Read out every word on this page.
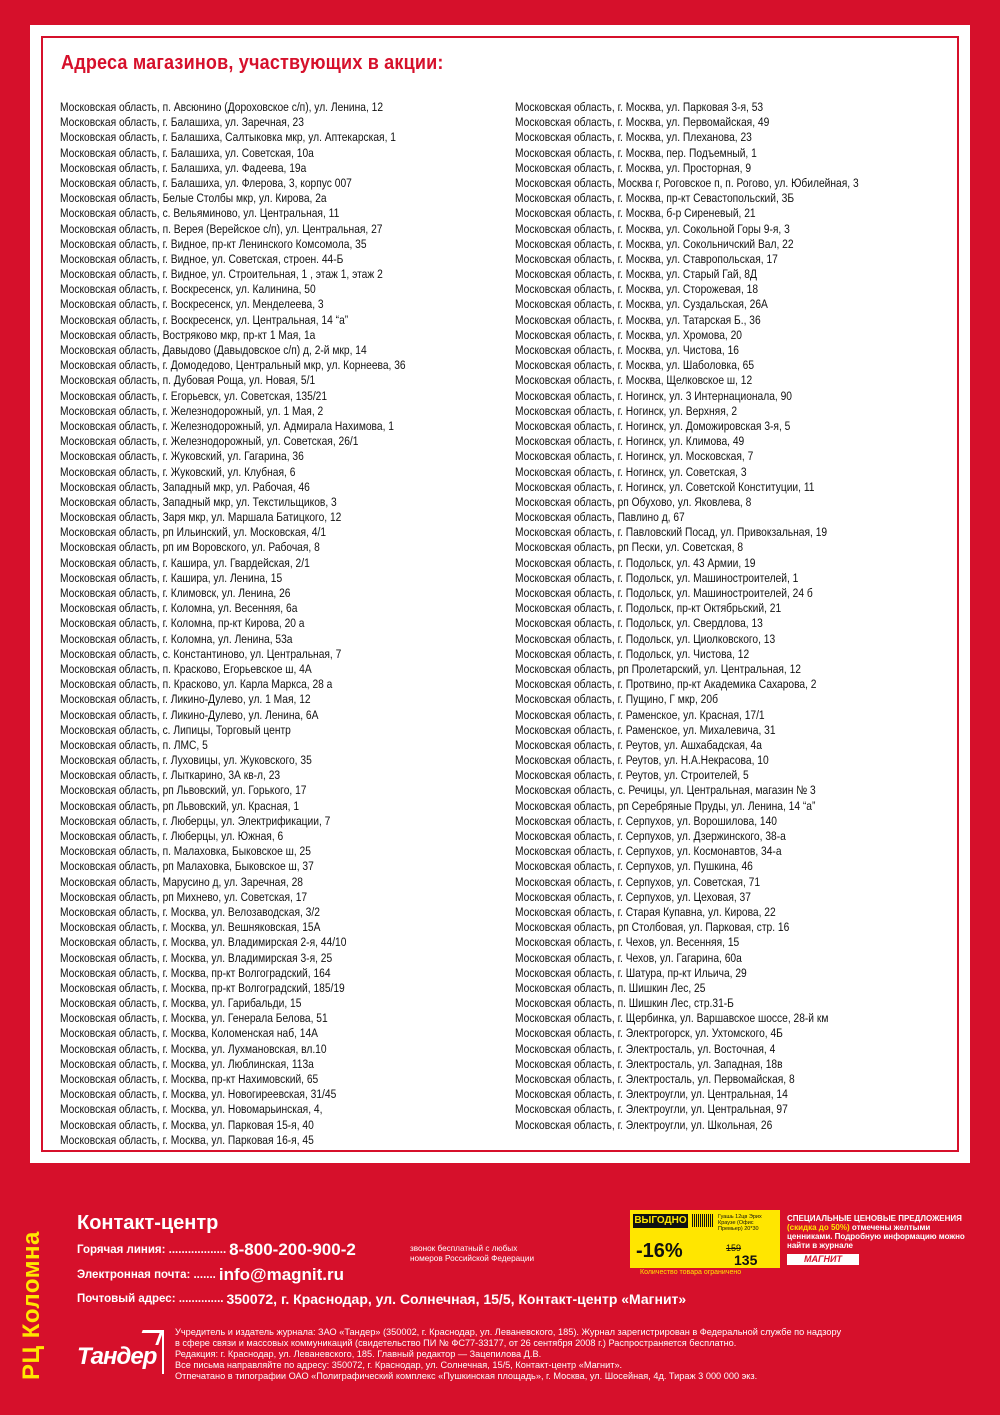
Адреса магазинов, участвующих в акции:
Московская область, п. Авсюнино (Дороховское с/п), ул. Ленина, 12
Московская область, г. Балашиха, ул. Заречная, 23
Московская область, г. Балашиха, Салтыковка мкр, ул. Аптекарская, 1
Московская область, г. Балашиха, ул. Советская, 10а
Московская область, г. Балашиха, ул. Фадеева, 19а
Московская область, г. Балашиха, ул. Флерова, 3, корпус 007
Московская область, Белые Столбы мкр, ул. Кирова, 2а
Московская область, с. Вельяминово, ул. Центральная, 11
Московская область, п. Верея (Верейское с/п), ул. Центральная, 27
Московская область, г. Видное, пр-кт Ленинского Комсомола, 35
Московская область, г. Видное, ул. Советская, строен. 44-Б
Московская область, г. Видное, ул. Строительная, 1 , этаж 1, этаж 2
Московская область, г. Воскресенск, ул. Калинина, 50
Московская область, г. Воскресенск, ул. Менделеева, 3
Московская область, г. Воскресенск, ул. Центральная, 14 “а”
Московская область, Востряково мкр, пр-кт 1 Мая, 1а
Московская область, Давыдово (Давыдовское с/п) д, 2-й мкр, 14
Московская область, г. Домодедово, Центральный мкр, ул. Корнеева, 36
Московская область, п. Дубовая Роща, ул. Новая, 5/1
Московская область, г. Егорьевск, ул. Советская, 135/21
Московская область, г. Железнодорожный, ул. 1 Мая, 2
Московская область, г. Железнодорожный, ул. Адмирала Нахимова, 1
Московская область, г. Железнодорожный, ул. Советская, 26/1
Московская область, г. Жуковский, ул. Гагарина, 36
Московская область, г. Жуковский, ул. Клубная, 6
Московская область, Западный мкр, ул. Рабочая, 46
Московская область, Западный мкр, ул. Текстильщиков, 3
Московская область, Заря мкр, ул. Маршала Батицкого, 12
Московская область, рп Ильинский, ул. Московская, 4/1
Московская область, рп им Воровского, ул. Рабочая, 8
Московская область, г. Кашира, ул. Гвардейская, 2/1
Московская область, г. Кашира, ул. Ленина, 15
Московская область, г. Климовск, ул. Ленина, 26
Московская область, г. Коломна, ул. Весенняя, 6а
Московская область, г. Коломна, пр-кт Кирова, 20 а
Московская область, г. Коломна, ул. Ленина, 53а
Московская область, с. Константиново, ул. Центральная, 7
Московская область, п. Красково, Егорьевское ш, 4А
Московская область, п. Красково, ул. Карла Маркса, 28 а
Московская область, г. Ликино-Дулево, ул. 1 Мая, 12
Московская область, г. Ликино-Дулево, ул. Ленина, 6А
Московская область, с. Липицы, Торговый центр
Московская область, п. ЛМС, 5
Московская область, г. Луховицы, ул. Жуковского, 35
Московская область, г. Лыткарино, 3А кв-л, 23
Московская область, рп Львовский, ул. Горького, 17
Московская область, рп Львовский, ул. Красная, 1
Московская область, г. Люберцы, ул. Электрификации, 7
Московская область, г. Люберцы, ул. Южная, 6
Московская область, п. Малаховка, Быковское ш, 25
Московская область, рп Малаховка, Быковское ш, 37
Московская область, Марусино д, ул. Заречная, 28
Московская область, рп Михнево, ул. Советская, 17
Московская область, г. Москва, ул. Велозаводская, 3/2
Московская область, г. Москва, ул. Вешняковская, 15А
Московская область, г. Москва, ул. Владимирская 2-я, 44/10
Московская область, г. Москва, ул. Владимирская 3-я, 25
Московская область, г. Москва, пр-кт Волгоградский, 164
Московская область, г. Москва, пр-кт Волгоградский, 185/19
Московская область, г. Москва, ул. Гарибальди, 15
Московская область, г. Москва, ул. Генерала Белова, 51
Московская область, г. Москва, Коломенская наб, 14А
Московская область, г. Москва, ул. Лухмановская, вл.10
Московская область, г. Москва, ул. Люблинская, 113а
Московская область, г. Москва, пр-кт Нахимовский, 65
Московская область, г. Москва, ул. Новогиреевская, 31/45
Московская область, г. Москва, ул. Новомарьинская, 4,
Московская область, г. Москва, ул. Парковая 15-я, 40
Московская область, г. Москва, ул. Парковая 16-я, 45
Московская область, г. Москва, ул. Парковая 3-я, 53
Московская область, г. Москва, ул. Первомайская, 49
Московская область, г. Москва, ул. Плеханова, 23
Московская область, г. Москва, пер. Подъемный, 1
Московская область, г. Москва, ул. Просторная, 9
Московская область, Москва г, Роговское п, п. Рогово, ул. Юбилейная, 3
Московская область, г. Москва, пр-кт Севастопольский, 3Б
Московская область, г. Москва, б-р Сиреневый, 21
Московская область, г. Москва, ул. Сокольной Горы 9-я, 3
Московская область, г. Москва, ул. Сокольничский Вал, 22
Московская область, г. Москва, ул. Ставропольская, 17
Московская область, г. Москва, ул. Старый Гай, 8Д
Московская область, г. Москва, ул. Сторожевая, 18
Московская область, г. Москва, ул. Суздальская, 26А
Московская область, г. Москва, ул. Татарская Б., 36
Московская область, г. Москва, ул. Хромова, 20
Московская область, г. Москва, ул. Чистова, 16
Московская область, г. Москва, ул. Шаболовка, 65
Московская область, г. Москва, Щелковское ш, 12
Московская область, г. Ногинск, ул. 3 Интернационала, 90
Московская область, г. Ногинск, ул. Верхняя, 2
Московская область, г. Ногинск, ул. Доможировская 3-я, 5
Московская область, г. Ногинск, ул. Климова, 49
Московская область, г. Ногинск, ул. Московская, 7
Московская область, г. Ногинск, ул. Советская, 3
Московская область, г. Ногинск, ул. Советской Конституции, 11
Московская область, рп Обухово, ул. Яковлева, 8
Московская область, Павлино д, 67
Московская область, г. Павловский Посад, ул. Привокзальная, 19
Московская область, рп Пески, ул. Советская, 8
Московская область, г. Подольск, ул. 43 Армии, 19
Московская область, г. Подольск, ул. Машиностроителей, 1
Московская область, г. Подольск, ул. Машиностроителей, 24 б
Московская область, г. Подольск, пр-кт Октябрьский, 21
Московская область, г. Подольск, ул. Свердлова, 13
Московская область, г. Подольск, ул. Циолковского, 13
Московская область, г. Подольск, ул. Чистова, 12
Московская область, рп Пролетарский, ул. Центральная, 12
Московская область, г. Протвино, пр-кт Академика Сахарова, 2
Московская область, г. Пущино, Г мкр, 20б
Московская область, г. Раменское, ул. Красная, 17/1
Московская область, г. Раменское, ул. Михалевича, 31
Московская область, г. Реутов, ул. Ашхабадская, 4а
Московская область, г. Реутов, ул. Н.А.Некрасова, 10
Московская область, г. Реутов, ул. Строителей, 5
Московская область, с. Речицы, ул. Центральная, магазин № 3
Московская область, рп Серебряные Пруды, ул. Ленина, 14 “а”
Московская область, г. Серпухов, ул. Ворошилова, 140
Московская область, г. Серпухов, ул. Дзержинского, 38-а
Московская область, г. Серпухов, ул. Космонавтов, 34-а
Московская область, г. Серпухов, ул. Пушкина, 46
Московская область, г. Серпухов, ул. Советская, 71
Московская область, г. Серпухов, ул. Цеховая, 37
Московская область, г. Старая Купавна, ул. Кирова, 22
Московская область, рп Столбовая, ул. Парковая, стр. 16
Московская область, г. Чехов, ул. Весенняя, 15
Московская область, г. Чехов, ул. Гагарина, 60а
Московская область, г. Шатура, пр-кт Ильича, 29
Московская область, п. Шишкин Лес, 25
Московская область, п. Шишкин Лес, стр.31-Б
Московская область, г. Щербинка, ул. Варшавское шоссе, 28-й км
Московская область, г. Электрогорск, ул. Ухтомского, 4Б
Московская область, г. Электросталь, ул. Восточная, 4
Московская область, г. Электросталь, ул. Западная, 18в
Московская область, г. Электросталь, ул. Первомайская, 8
Московская область, г. Электроугли, ул. Центральная, 14
Московская область, г. Электроугли, ул. Центральная, 97
Московская область, г. Электроугли, ул. Школьная, 26
РЦ Коломна
Контакт-центр
Горячая линия: .................. 8-800-200-900-2	звонок бесплатный с любых номеров Российской Федерации
Электронная почта: ....... info@magnit.ru
Почтовый адрес: .............. 350072, г. Краснодар, ул. Солнечная, 15/5, Контакт-центр «Магнит»
ВЫГОДНО	Гуашь 12цв Эрих Краузе (Офис Премьер) 20*30
-16%	159
135
Количество товара ограничено
СПЕЦИАЛЬНЫЕ ЦЕНОВЫЕ ПРЕДЛОЖЕНИЯ (скидка до 50%) отмечены желтыми ценниками. Подробную информацию можно найти в журнале
МАГНИТ
Тандер
Учредитель и издатель журнала: ЗАО «Тандер» (350002, г. Краснодар, ул. Леваневского, 185). Журнал зарегистрирован в Федеральной службе по надзору
в сфере связи и массовых коммуникаций (свидетельство ПИ № ФС77-33177, от 26 сентября 2008 г.) Распространяется бесплатно.
Редакция: г. Краснодар, ул. Леваневского, 185. Главный редактор — Зацепилова Д.В.
Все письма направляйте по адресу: 350072, г. Краснодар, ул. Солнечная, 15/5, Контакт-центр «Магнит».
Отпечатано в типографии ОАО «Полиграфический комплекс «Пушкинская площадь», г. Москва, ул. Шосейная, 4д. Тираж 3 000 000 экз.
